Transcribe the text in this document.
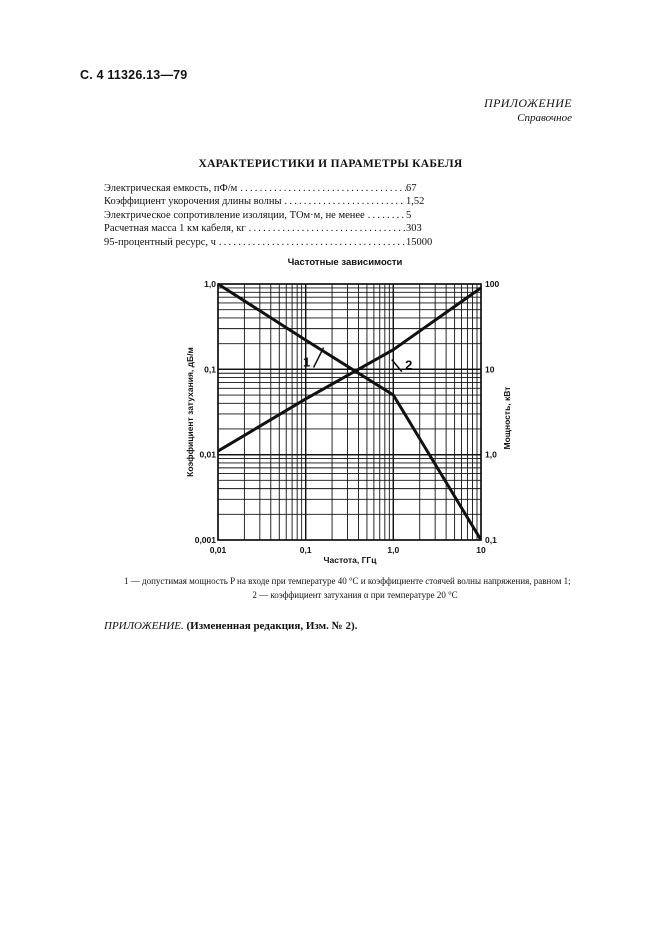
С. 4 11326.13—79
ПРИЛОЖЕНИЕ
Справочное
ХАРАКТЕРИСТИКИ И ПАРАМЕТРЫ КАБЕЛЯ
Электрическая емкость, пФ/м .....	67
Коэффициент укорочения длины волны .....	1,52
Электрическое сопротивление изоляции, ТОм·м, не менее .....	5
Расчетная масса 1 км кабеля, кг .....	303
95-процентный ресурс, ч .....	15000
Частотные зависимости
1	2
0,01	0,1	1,0	10
0,001
0,01
0,1
1,0
0,1
1,0
10
100
Коэффициент затухания, дБ/м	Мощность, кВт
Частота, ГГц
1 — допустимая мощность P на входе при температуре 40 °С и коэффициенте стоячей волны напряжения, равном 1;
2 — коэффициент затухания α при температуре 20 °С
ПРИЛОЖЕНИЕ. (Измененная редакция, Изм. № 2).
